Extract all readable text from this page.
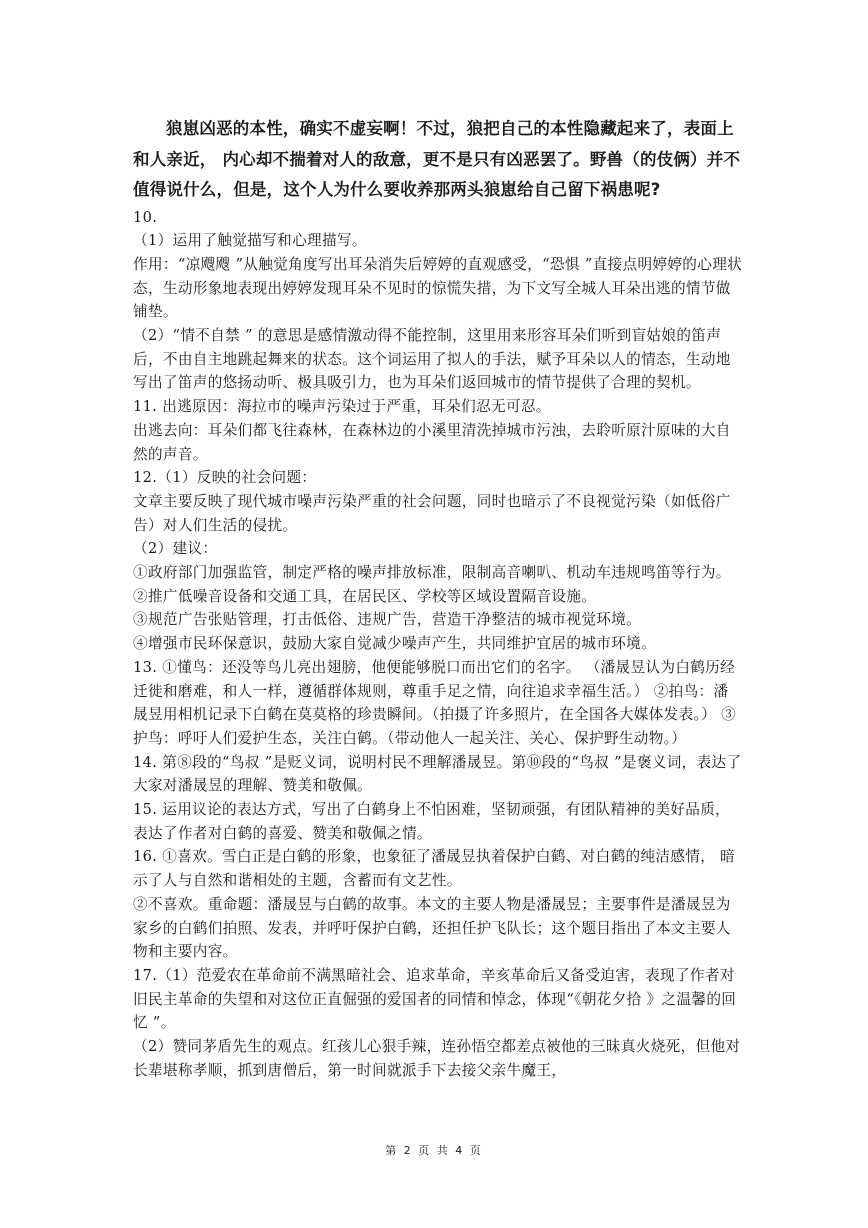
狼崽凶恶的本性，确实不虚妄啊！不过，狼把自己的本性隐藏起来了，表面上和人亲近， 内心却不揣着对人的敌意，更不是只有凶恶罢了。野兽（的伎俩）并不值得说什么，但是，这个人为什么要收养那两头狼崽给自己留下祸患呢?

10.

（1）运用了触觉描写和心理描写。

作用：“凉飕飕 ”从触觉角度写出耳朵消失后婷婷的直观感受，“恐惧 ”直接点明婷婷的心理状态，生动形象地表现出婷婷发现耳朵不见时的惊慌失措，为下文写全城人耳朵出逃的情节做铺垫。

（2）“情不自禁 ” 的意思是感情激动得不能控制，这里用来形容耳朵们听到盲姑娘的笛声后，不由自主地跳起舞来的状态。这个词运用了拟人的手法，赋予耳朵以人的情态，生动地写出了笛声的悠扬动听、极具吸引力，也为耳朵们返回城市的情节提供了合理的契机。

11. 出逃原因：海拉市的噪声污染过于严重，耳朵们忍无可忍。

出逃去向：耳朵们都飞往森林，在森林边的小溪里清洗掉城市污浊，去聆听原汁原味的大自然的声音。

12.（1）反映的社会问题：

文章主要反映了现代城市噪声污染严重的社会问题，同时也暗示了不良视觉污染（如低俗广告）对人们生活的侵扰。

（2）建议：

①政府部门加强监管，制定严格的噪声排放标准，限制高音喇叭、机动车违规鸣笛等行为。

②推广低噪音设备和交通工具，在居民区、学校等区域设置隔音设施。

③规范广告张贴管理，打击低俗、违规广告，营造干净整洁的城市视觉环境。

④增强市民环保意识，鼓励大家自觉减少噪声产生，共同维护宜居的城市环境。

13. ①懂鸟：还没等鸟儿亮出翅膀，他便能够脱口而出它们的名字。 （潘晟昱认为白鹤历经迁徙和磨难，和人一样，遵循群体规则，尊重手足之情，向往追求幸福生活。） ②拍鸟：潘晟昱用相机记录下白鹤在莫莫格的珍贵瞬间。（拍摄了许多照片，在全国各大媒体发表。） ③护鸟：呼吁人们爱护生态，关注白鹤。（带动他人一起关注、关心、保护野生动物。）

14. 第⑧段的“鸟叔 ”是贬义词，说明村民不理解潘晟昱。第⑩段的“鸟叔 ”是褒义词，表达了大家对潘晟昱的理解、赞美和敬佩。

15. 运用议论的表达方式，写出了白鹤身上不怕困难，坚韧顽强，有团队精神的美好品质，表达了作者对白鹤的喜爱、赞美和敬佩之情。

16. ①喜欢。雪白正是白鹤的形象，也象征了潘晟昱执着保护白鹤、对白鹤的纯洁感情， 暗示了人与自然和谐相处的主题，含蓄而有文艺性。

②不喜欢。重命题：潘晟昱与白鹤的故事。本文的主要人物是潘晟昱；主要事件是潘晟昱为 家乡的白鹤们拍照、发表，并呼吁保护白鹤，还担任护飞队长；这个题目指出了本文主要人物和主要内容。

17.（1）范爱农在革命前不满黑暗社会、追求革命，辛亥革命后又备受迫害，表现了作者对旧民主革命的失望和对这位正直倔强的爱国者的同情和悼念，体现“《朝花夕拾 》之温馨的回忆 ”。

（2）赞同茅盾先生的观点。红孩儿心狠手辣，连孙悟空都差点被他的三昧真火烧死，但他对长辈堪称孝顺，抓到唐僧后，第一时间就派手下去接父亲牛魔王，

第 2 页 共 4 页
